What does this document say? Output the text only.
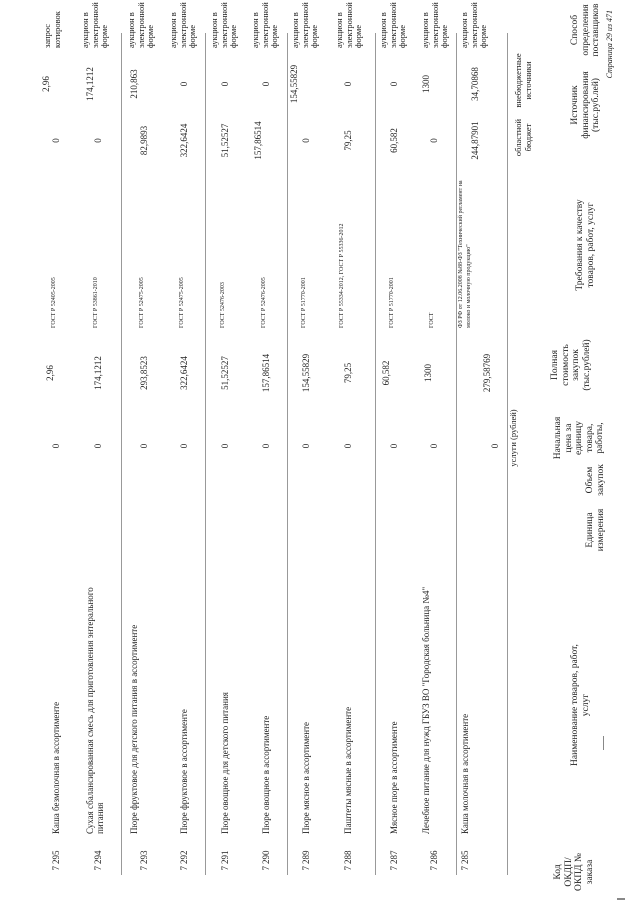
Код ОКДП/ ОКПД № заказа
Наименование товаров, работ, услуг
Единица измерения
Объем закупок
Начальная цена за единицу товара, работы,
услуги (рублей)
Полная стоимость закупок (тыс.рублей)
Требования к качеству товаров, работ, услуг
Источник финансирования (тыс.руб.лей)
областной бюджет
внебюджетные источники
Способ определения поставщиков
7
285
Каша молочная в ассортименте
0
279,58769
ФЗ РФ от 12.06.2008 №88-ФЗ "Технический регламент на молоко и молочную продукцию"
244,87901
34,70868
аукцион в электронной форме
7
286
Лечебное питание для нужд ГБУЗ ВО "Городская больница №4"
0
1300
ГОСТ
0
1300
аукцион в электронной форме
7
287
Мясное пюре в ассортименте
0
60,582
ГОСТ Р 51770-2001
60,582
0
аукцион в электронной форме
7
288
Паштеты мясные в ассортименте
0
79,25
ГОСТ Р 55334-2012, ГОСТ Р 55336-2012
79,25
0
аукцион в электронной форме
7
289
Пюре мясное в ассортименте
0
154,55829
ГОСТ Р 51770-2001
0
154,55829
аукцион в электронной форме
7
290
Пюре овощное в ассортименте
0
157,86514
ГОСТ Р 52476-2005
157,86514
0
аукцион в электронной форме
7
291
Пюре овощное для детского питания
0
51,52527
ГОСТ 52476-2003
51,52527
0
аукцион в электронной форме
7
292
Пюре фруктовое в ассортименте
0
322,6424
ГОСТ Р 52475-2005
322,6424
0
аукцион в электронной форме
7
293
Пюре фруктовое для детского питания в ассортименте
0
293,8523
ГОСТ Р 52475-2005
82,9893
210,863
аукцион в электронной форме
7
294
Сухая сбалансированная смесь для приготовления энтерального питания
0
174,1212
ГОСТ Р 53861-2010
0
174,1212
аукцион в электронной форме
7
295
Каша безмолочная в ассортименте
0
2,96
ГОСТ Р 52405-2005
0
2,96
запрос котировок	Страница 29 из 471
